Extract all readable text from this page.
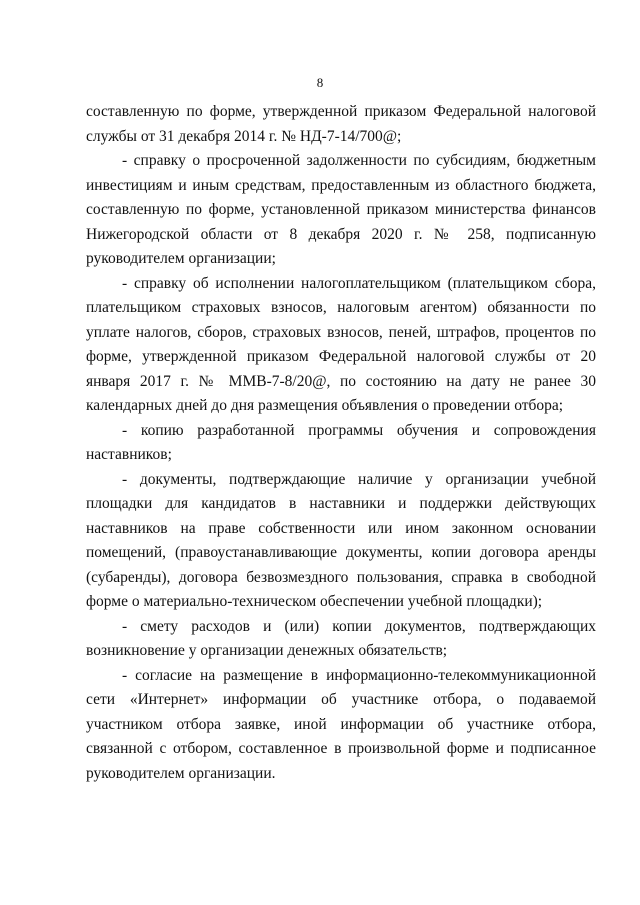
8

составленную по форме, утвержденной приказом Федеральной налоговой службы от 31 декабря 2014 г. № НД-7-14/700@;

- справку о просроченной задолженности по субсидиям, бюджетным инвестициям и иным средствам, предоставленным из областного бюджета, составленную по форме, установленной приказом министерства финансов Нижегородской области от 8 декабря 2020 г. № 258, подписанную руководителем организации;

- справку об исполнении налогоплательщиком (плательщиком сбора, плательщиком страховых взносов, налоговым агентом) обязанности по уплате налогов, сборов, страховых взносов, пеней, штрафов, процентов по форме, утвержденной приказом Федеральной налоговой службы от 20 января 2017 г. № ММВ-7-8/20@, по состоянию на дату не ранее 30 календарных дней до дня размещения объявления о проведении отбора;

- копию разработанной программы обучения и сопровождения наставников;

- документы, подтверждающие наличие у организации учебной площадки для кандидатов в наставники и поддержки действующих наставников на праве собственности или ином законном основании помещений, (правоустанавливающие документы, копии договора аренды (субаренды), договора безвозмездного пользования, справка в свободной форме о материально-техническом обеспечении учебной площадки);

- смету расходов и (или) копии документов, подтверждающих возникновение у организации денежных обязательств;

- согласие на размещение в информационно-телекоммуникационной сети «Интернет» информации об участнике отбора, о подаваемой участником отбора заявке, иной информации об участнике отбора, связанной с отбором, составленное в произвольной форме и подписанное руководителем организации.
